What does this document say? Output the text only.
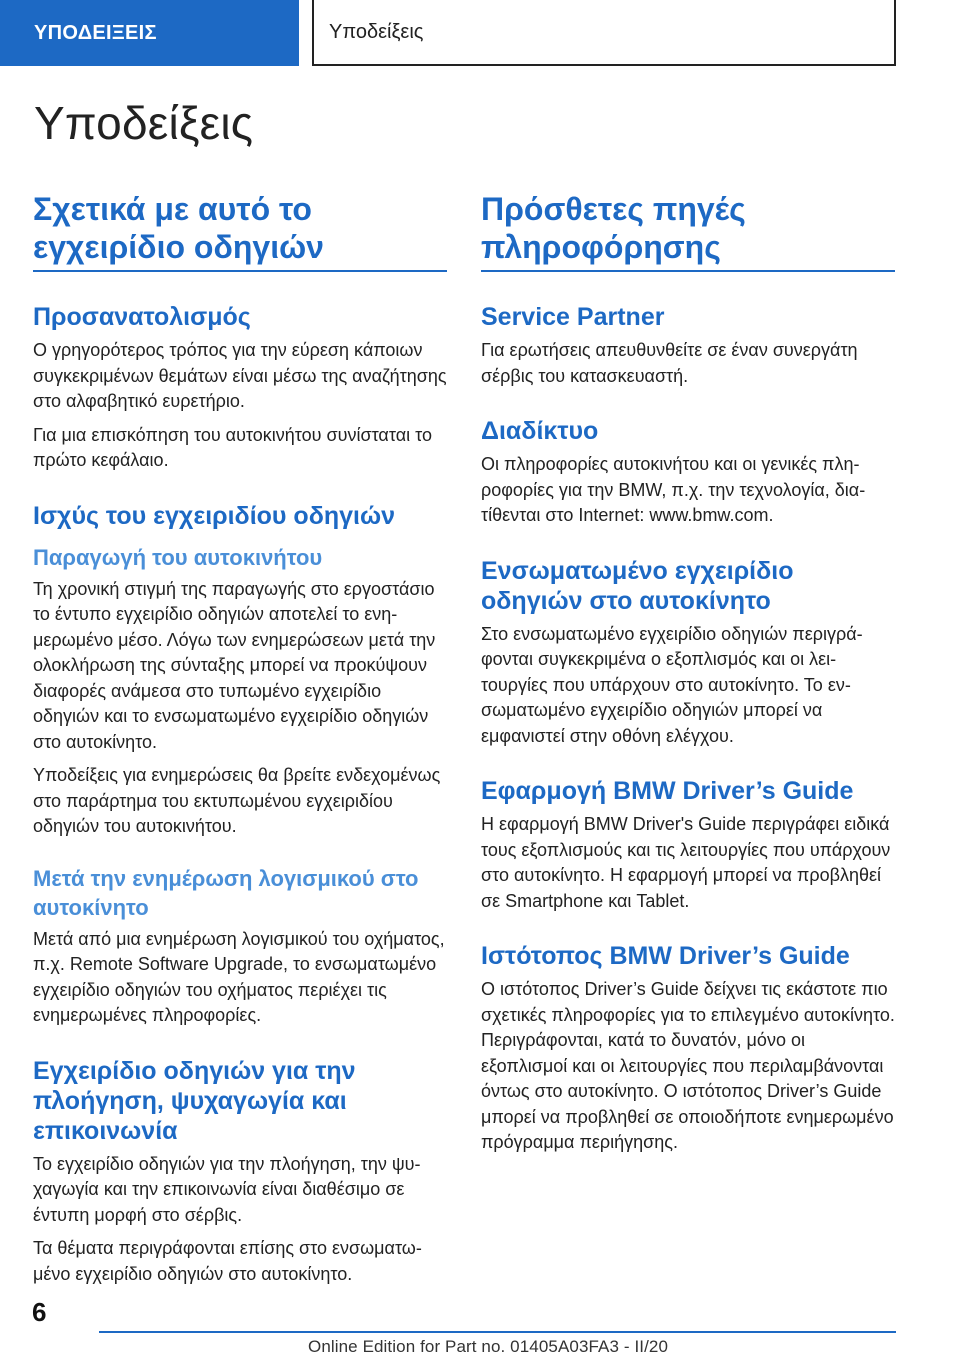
ΥΠΟΔΕΙΞΕΙΣ	Υποδείξεις
Υποδείξεις
Σχετικά με αυτό το εγχειρίδιο οδηγιών
Προσανατολισμός

Ο γρηγορότερος τρόπος για την εύρεση κάποιων συγκεκριμένων θεμάτων είναι μέσω της αναζήτησης στο αλφαβητικό ευρετήριο.

Για μια επισκόπηση του αυτοκινήτου συνίσταται το πρώτο κεφάλαιο.

Ισχύς του εγχειριδίου οδηγιών
Παραγωγή του αυτοκινήτου

Τη χρονική στιγμή της παραγωγής στο εργοστάσιο το έντυπο εγχειρίδιο οδηγιών αποτελεί το ενημερωμένο μέσο. Λόγω των ενημερώσεων μετά την ολοκλήρωση της σύνταξης μπορεί να προκύψουν διαφορές ανάμεσα στο τυπωμένο εγχειρίδιο οδηγιών και το ενσωματωμένο εγχειρίδιο οδηγιών στο αυτοκίνητο.

Υποδείξεις για ενημερώσεις θα βρείτε ενδεχομένως στο παράρτημα του εκτυπωμένου εγχειριδίου οδηγιών του αυτοκινήτου.

Μετά την ενημέρωση λογισμικού στο αυτοκίνητο

Μετά από μια ενημέρωση λογισμικού του οχήματος, π.χ. Remote Software Upgrade, το ενσωματωμένο εγχειρίδιο οδηγιών του οχήματος περιέχει τις ενημερωμένες πληροφορίες.

Εγχειρίδιο οδηγιών για την πλοήγηση, ψυχαγωγία και επικοινωνία

Το εγχειρίδιο οδηγιών για την πλοήγηση, την ψυχαγωγία και την επικοινωνία είναι διαθέσιμο σε έντυπη μορφή στο σέρβις.

Τα θέματα περιγράφονται επίσης στο ενσωματωμένο εγχειρίδιο οδηγιών στο αυτοκίνητο.

Πρόσθετες πηγές πληροφόρησης
Service Partner

Για ερωτήσεις απευθυνθείτε σε έναν συνεργάτη σέρβις του κατασκευαστή.

Διαδίκτυο

Οι πληροφορίες αυτοκινήτου και οι γενικές πληροφορίες για την BMW, π.χ. την τεχνολογία, διατίθενται στο Internet: www.bmw.com.

Ενσωματωμένο εγχειρίδιο οδηγιών στο αυτοκίνητο

Στο ενσωματωμένο εγχειρίδιο οδηγιών περιγράφονται συγκεκριμένα ο εξοπλισμός και οι λειτουργίες που υπάρχουν στο αυτοκίνητο. Το ενσωματωμένο εγχειρίδιο οδηγιών μπορεί να εμφανιστεί στην οθόνη ελέγχου.

Εφαρμογή BMW Driver’s Guide

Η εφαρμογή BMW Driver's Guide περιγράφει ειδικά τους εξοπλισμούς και τις λειτουργίες που υπάρχουν στο αυτοκίνητο. Η εφαρμογή μπορεί να προβληθεί σε Smartphone και Tablet.

Ιστότοπος BMW Driver’s Guide

Ο ιστότοπος Driver’s Guide δείχνει τις εκάστοτε πιο σχετικές πληροφορίες για το επιλεγμένο αυτοκίνητο. Περιγράφονται, κατά το δυνατόν, μόνο οι εξοπλισμοί και οι λειτουργίες που περιλαμβάνονται όντως στο αυτοκίνητο. Ο ιστότοπος Driver’s Guide μπορεί να προβληθεί σε οποιοδήποτε ενημερωμένο πρόγραμμα περιήγησης.

6
Online Edition for Part no. 01405A03FA3 - II/20
